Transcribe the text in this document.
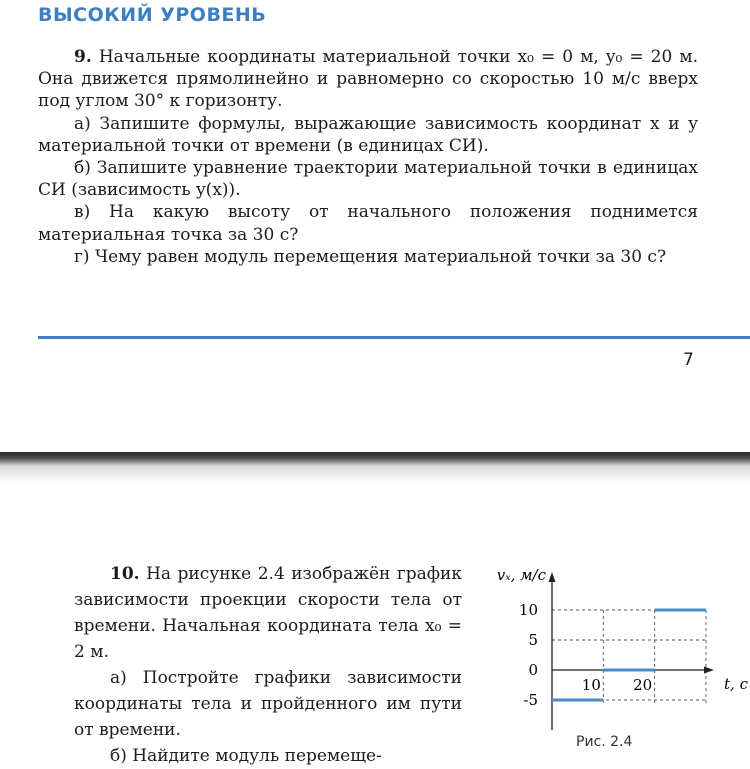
ВЫСОКИЙ УРОВЕНЬ

9. Начальные координаты материальной точки x₀ = 0 м, y₀ = 20 м. Она движется прямолинейно и равномерно со скоростью 10 м/с вверх под углом 30° к горизонту.

а) Запишите формулы, выражающие зависимость координат x и y материальной точки от времени (в единицах СИ).

б) Запишите уравнение траектории материальной точки в единицах СИ (зависимость y(x)).

в) На какую высоту от начального положения поднимется материальная точка за 30 с?

г) Чему равен модуль перемещения материальной точки за 30 с?

7

10. На рисунке 2.4 изображён график зависимости проекции скорости тела от времени. Начальная координата тела x₀ = 2 м.

а) Постройте графики зависимости координаты тела и пройденного им пути от времени.

б) Найдите модуль перемеще-

vₓ, м/с
t, с
10
5
0
-5
10 20
Рис. 2.4
